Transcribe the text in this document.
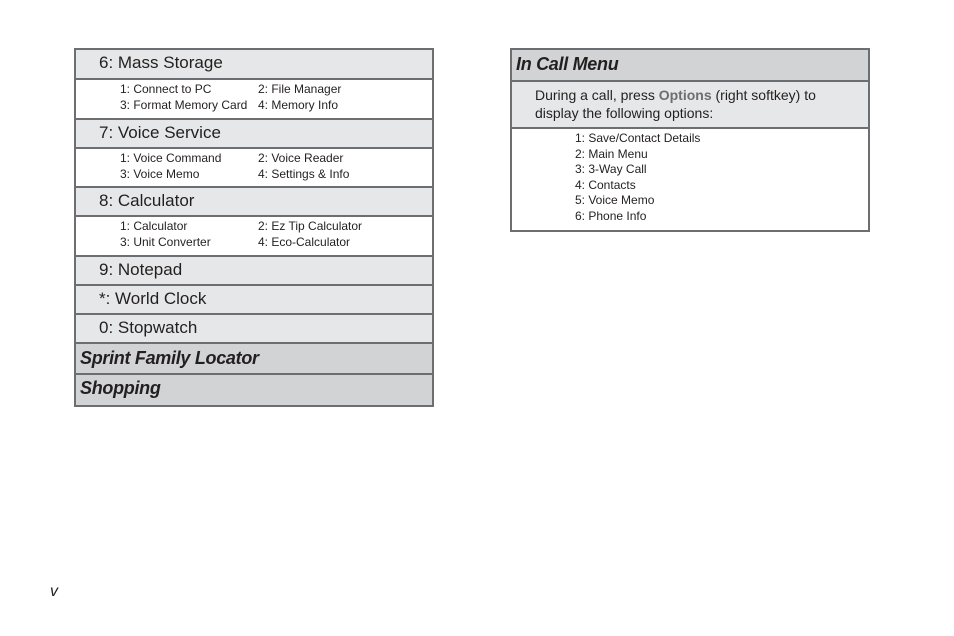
6: Mass Storage
1: Connect to PC	2: File Manager
3: Format Memory Card 4: Memory Info
7: Voice Service
1: Voice Command	2: Voice Reader
3: Voice Memo	4: Settings & Info
8: Calculator
1: Calculator	2: Ez Tip Calculator
3: Unit Converter	4: Eco-Calculator
9: Notepad
*: World Clock
0: Stopwatch
Sprint Family Locator
Shopping
In Call Menu
During a call, press Options (right softkey) to display the following options:
1: Save/Contact Details
2: Main Menu
3: 3-Way Call
4: Contacts
5: Voice Memo
6: Phone Info
v
